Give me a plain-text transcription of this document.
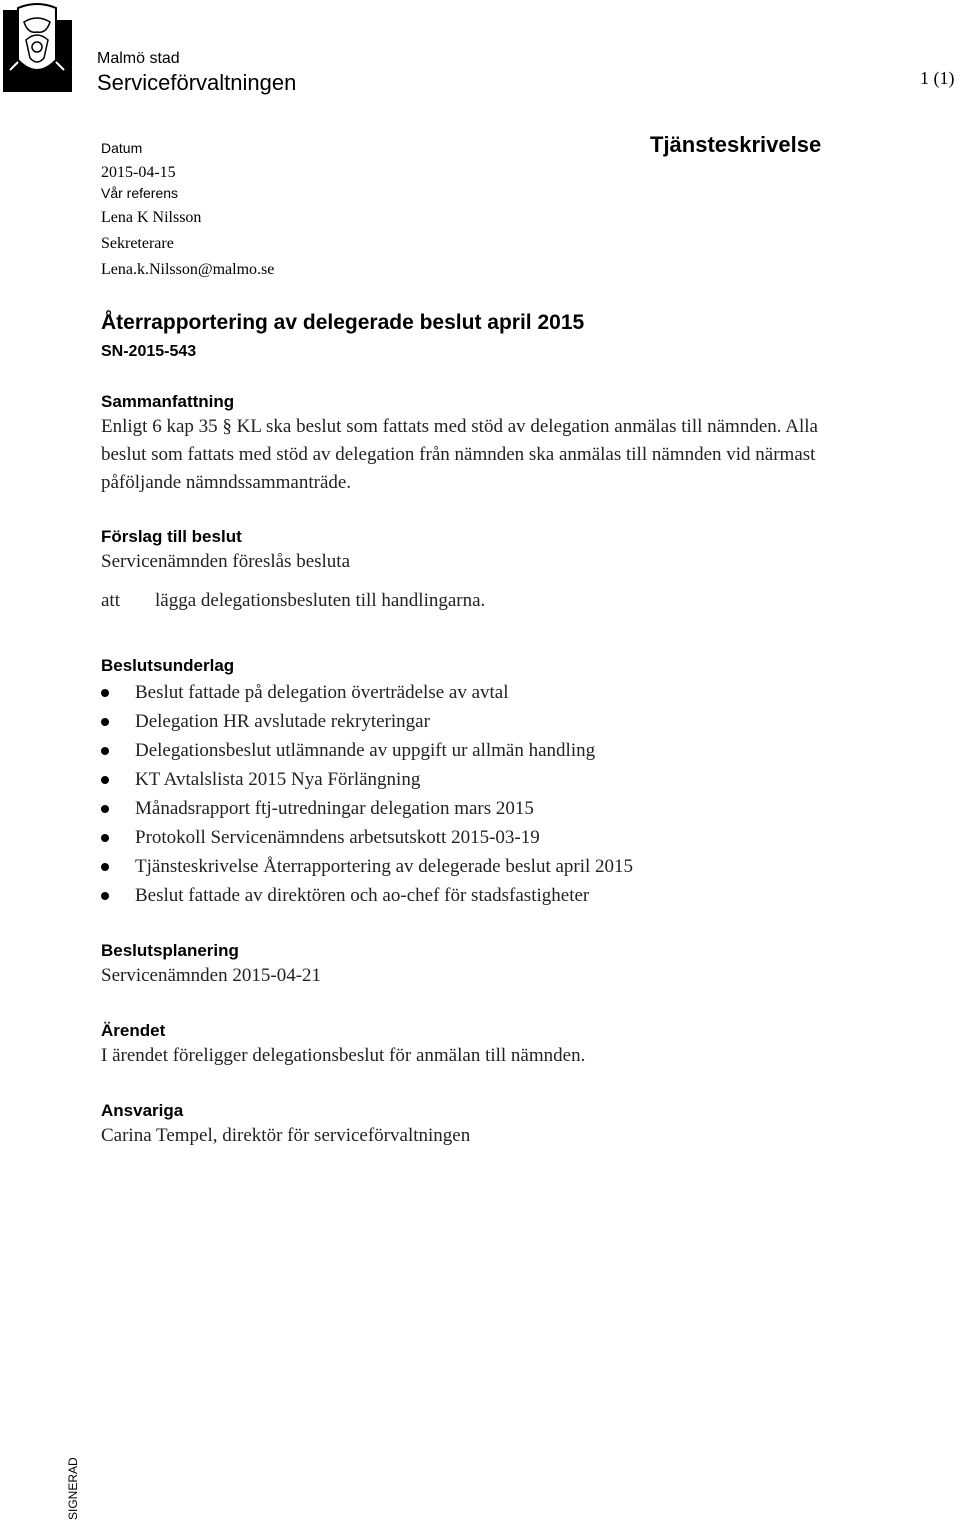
Malmö stad
Serviceförvaltningen	1 (1)
Tjänsteskrivelse
Datum
2015-04-15
Vår referens
Lena K Nilsson
Sekreterare
Lena.k.Nilsson@malmo.se
Återrapportering av delegerade beslut april 2015
SN-2015-543
Sammanfattning
Enligt 6 kap 35 § KL ska beslut som fattats med stöd av delegation anmälas till nämnden. Alla
beslut som fattats med stöd av delegation från nämnden ska anmälas till nämnden vid närmast
påföljande nämndssammanträde.
Förslag till beslut
Servicenämnden föreslås besluta
att lägga delegationsbesluten till handlingarna.
Beslutsunderlag
Beslut fattade på delegation överträdelse av avtal
Delegation HR avslutade rekryteringar
Delegationsbeslut utlämnande av uppgift ur allmän handling
KT Avtalslista 2015 Nya Förlängning
Månadsrapport ftj-utredningar delegation mars 2015
Protokoll Servicenämndens arbetsutskott 2015-03-19
Tjänsteskrivelse Återrapportering av delegerade beslut april 2015
Beslut fattade av direktören och ao-chef för stadsfastigheter
Beslutsplanering
Servicenämnden 2015-04-21
Ärendet
I ärendet föreligger delegationsbeslut för anmälan till nämnden.
Ansvariga
Carina Tempel, direktör för serviceförvaltningen
SIGNERAD
